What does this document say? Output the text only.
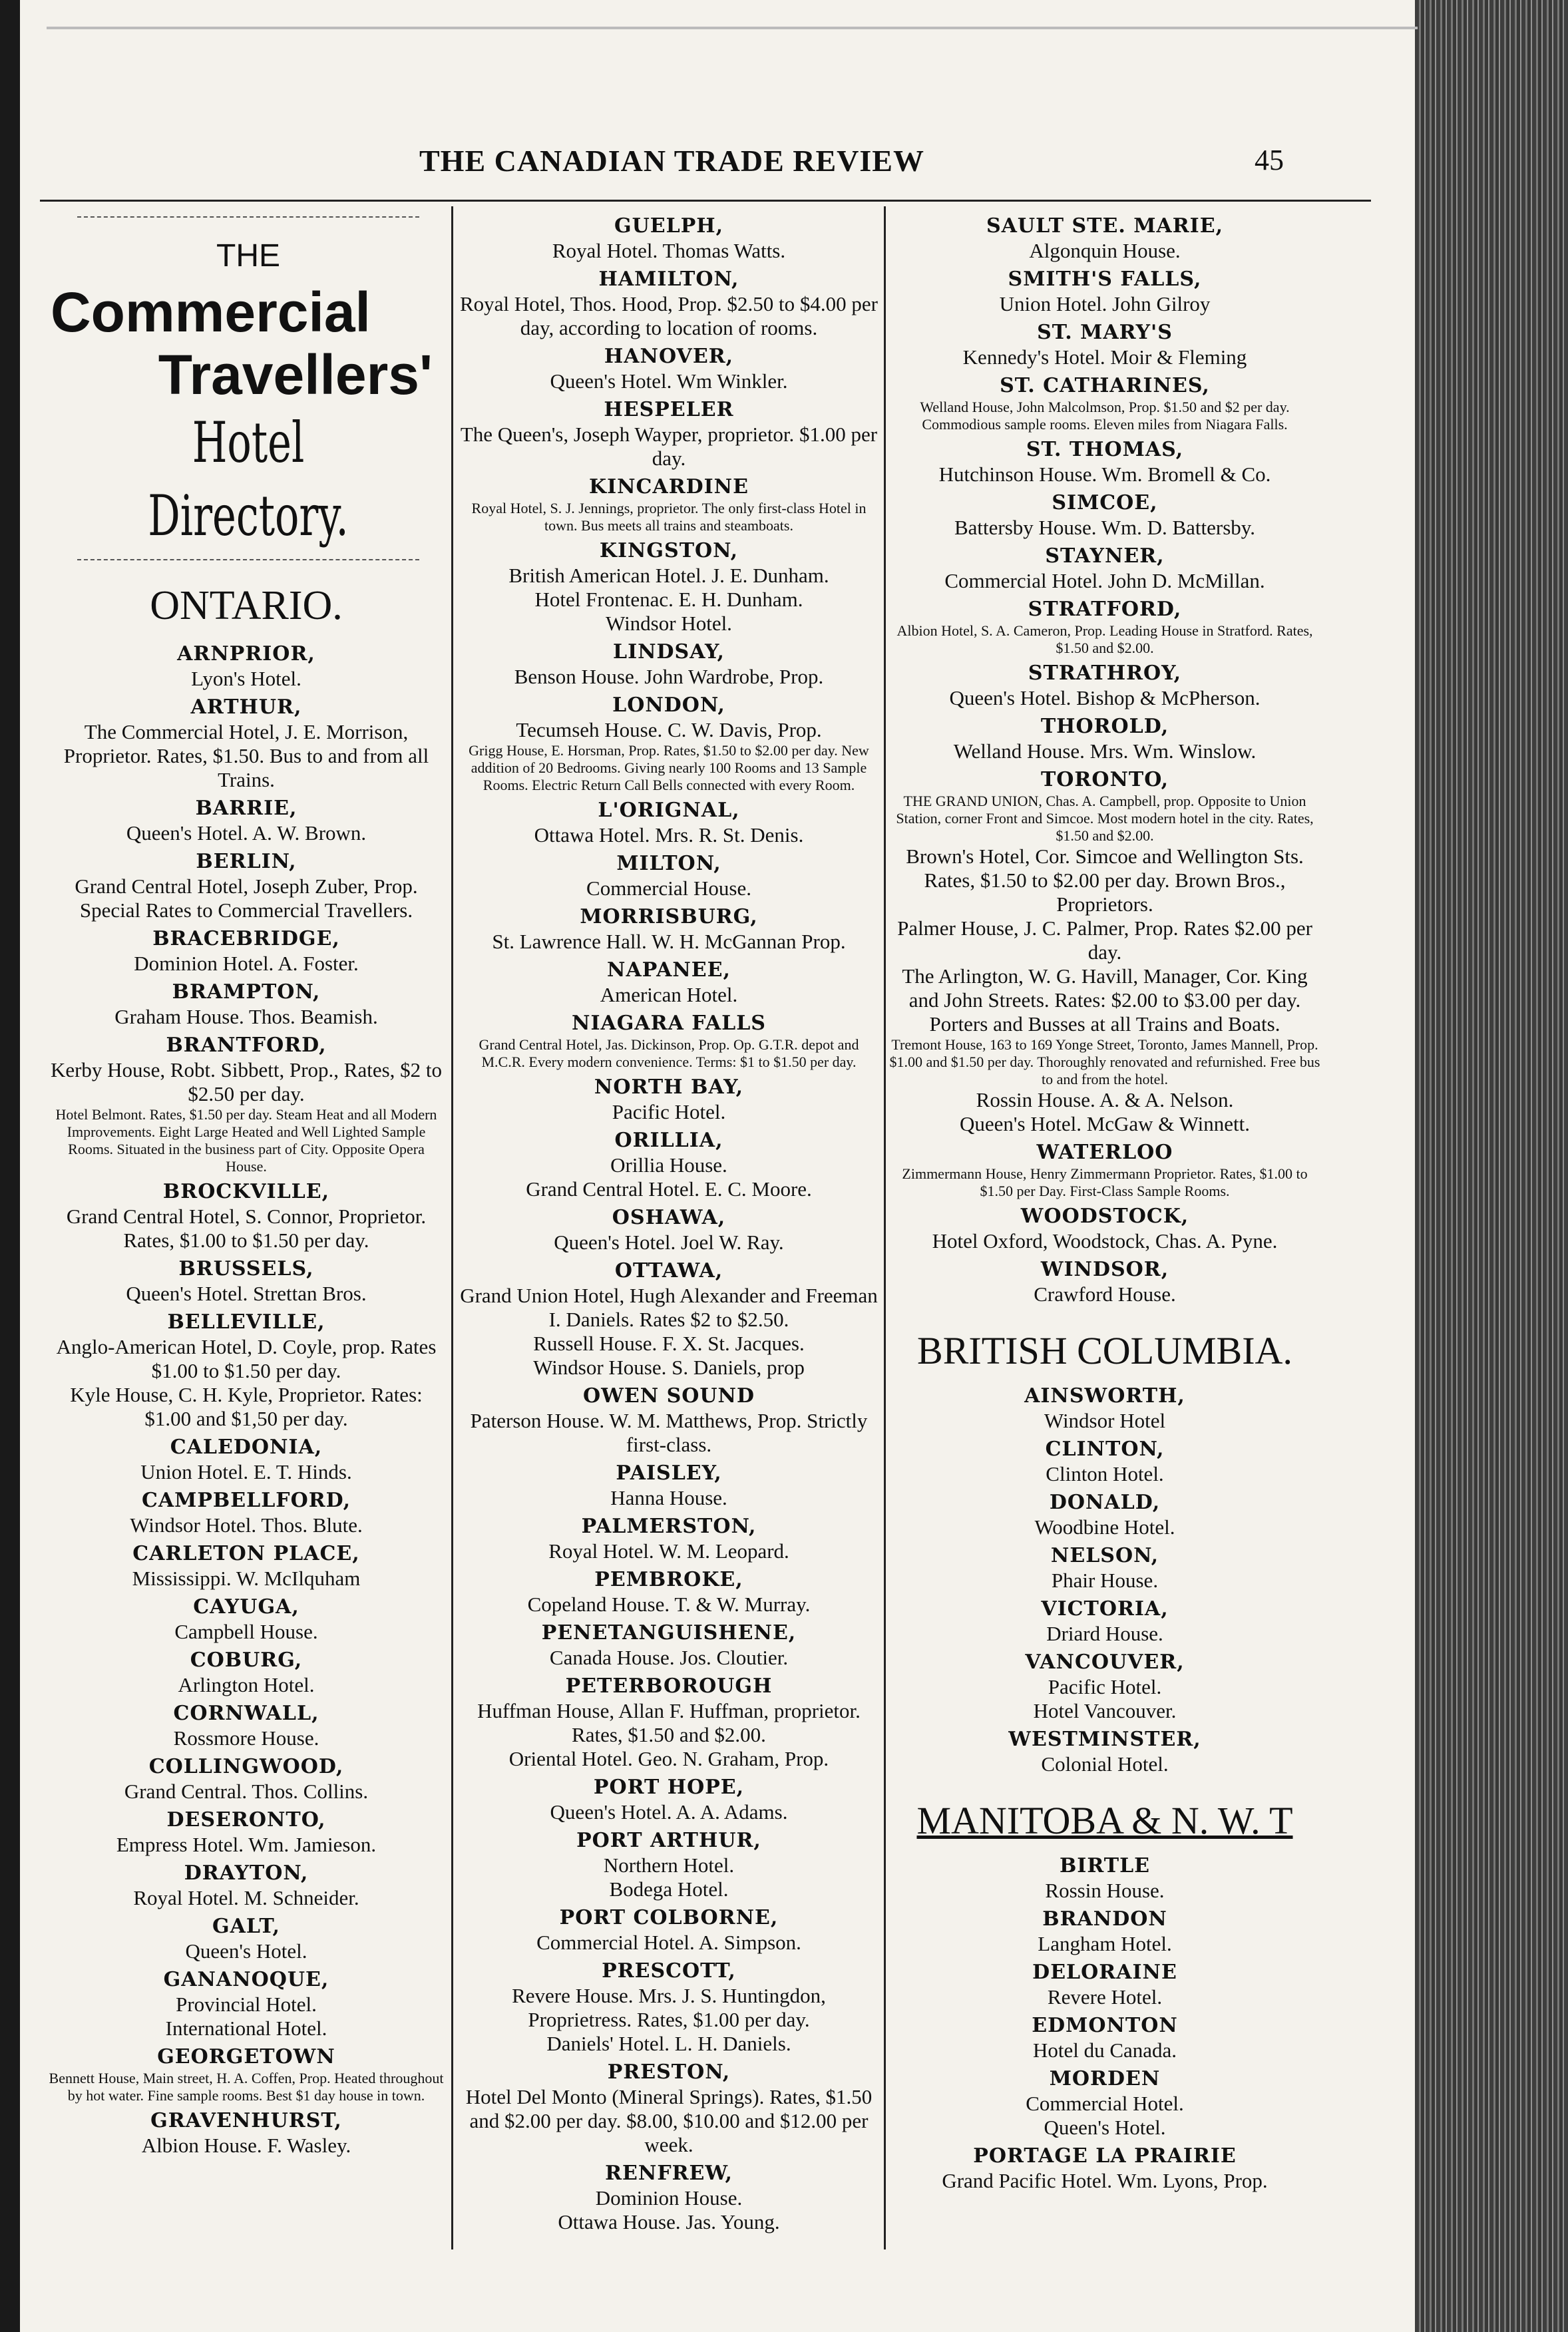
THE CANADIAN TRADE REVIEW	45
THE
Commercial
Travellers'
Hotel Directory.
ONTARIO.
ARNPRIOR,
Lyon's Hotel.
ARTHUR,
The Commercial Hotel, J. E. Morrison, Proprietor. Rates, $1.50. Bus to and from all Trains.
BARRIE,
Queen's Hotel. A. W. Brown.
BERLIN,
Grand Central Hotel, Joseph Zuber, Prop. Special Rates to Commercial Travellers.
BRACEBRIDGE,
Dominion Hotel. A. Foster.
BRAMPTON,
Graham House. Thos. Beamish.
BRANTFORD,
Kerby House, Robt. Sibbett, Prop., Rates, $2 to $2.50 per day.
Hotel Belmont. Rates, $1.50 per day. Steam Heat and all Modern Improvements. Eight Large Heated and Well Lighted Sample Rooms. Situated in the business part of City. Opposite Opera House.
BROCKVILLE,
Grand Central Hotel, S. Connor, Proprietor. Rates, $1.00 to $1.50 per day.
BRUSSELS,
Queen's Hotel. Strettan Bros.
BELLEVILLE,
Anglo-American Hotel, D. Coyle, prop. Rates $1.00 to $1.50 per day.
Kyle House, C. H. Kyle, Proprietor. Rates: $1.00 and $1,50 per day.
CALEDONIA,
Union Hotel. E. T. Hinds.
CAMPBELLFORD,
Windsor Hotel. Thos. Blute.
CARLETON PLACE,
Mississippi. W. McIlquham
CAYUGA,
Campbell House.
COBURG,
Arlington Hotel.
CORNWALL,
Rossmore House.
COLLINGWOOD,
Grand Central. Thos. Collins.
DESERONTO,
Empress Hotel. Wm. Jamieson.
DRAYTON,
Royal Hotel. M. Schneider.
GALT,
Queen's Hotel.
GANANOQUE,
Provincial Hotel.
International Hotel.
GEORGETOWN
Bennett House, Main street, H. A. Coffen, Prop. Heated throughout by hot water. Fine sample rooms. Best $1 day house in town.
GRAVENHURST,
Albion House. F. Wasley.
GUELPH,
Royal Hotel. Thomas Watts.
HAMILTON,
Royal Hotel, Thos. Hood, Prop. $2.50 to $4.00 per day, according to location of rooms.
HANOVER,
Queen's Hotel. Wm Winkler.
HESPELER
The Queen's, Joseph Wayper, proprietor. $1.00 per day.
KINCARDINE
Royal Hotel, S. J. Jennings, proprietor. The only first-class Hotel in town. Bus meets all trains and steamboats.
KINGSTON,
British American Hotel. J. E. Dunham.
Hotel Frontenac. E. H. Dunham.
Windsor Hotel.
LINDSAY,
Benson House. John Wardrobe, Prop.
LONDON,
Tecumseh House. C. W. Davis, Prop.
Grigg House, E. Horsman, Prop. Rates, $1.50 to $2.00 per day. New addition of 20 Bedrooms. Giving nearly 100 Rooms and 13 Sample Rooms. Electric Return Call Bells connected with every Room.
L'ORIGNAL,
Ottawa Hotel. Mrs. R. St. Denis.
MILTON,
Commercial House.
MORRISBURG,
St. Lawrence Hall. W. H. McGannan Prop.
NAPANEE,
American Hotel.
NIAGARA FALLS
Grand Central Hotel, Jas. Dickinson, Prop. Op. G.T.R. depot and M.C.R. Every modern convenience. Terms: $1 to $1.50 per day.
NORTH BAY,
Pacific Hotel.
ORILLIA,
Orillia House.
Grand Central Hotel. E. C. Moore.
OSHAWA,
Queen's Hotel. Joel W. Ray.
OTTAWA,
Grand Union Hotel, Hugh Alexander and Freeman I. Daniels. Rates $2 to $2.50.
Russell House. F. X. St. Jacques.
Windsor House. S. Daniels, prop
OWEN SOUND
Paterson House. W. M. Matthews, Prop. Strictly first-class.
PAISLEY,
Hanna House.
PALMERSTON,
Royal Hotel. W. M. Leopard.
PEMBROKE,
Copeland House. T. & W. Murray.
PENETANGUISHENE,
Canada House. Jos. Cloutier.
PETERBOROUGH
Huffman House, Allan F. Huffman, proprietor. Rates, $1.50 and $2.00.
Oriental Hotel. Geo. N. Graham, Prop.
PORT HOPE,
Queen's Hotel. A. A. Adams.
PORT ARTHUR,
Northern Hotel.
Bodega Hotel.
PORT COLBORNE,
Commercial Hotel. A. Simpson.
PRESCOTT,
Revere House. Mrs. J. S. Huntingdon, Proprietress. Rates, $1.00 per day.
Daniels' Hotel. L. H. Daniels.
PRESTON,
Hotel Del Monto (Mineral Springs). Rates, $1.50 and $2.00 per day. $8.00, $10.00 and $12.00 per week.
RENFREW,
Dominion House.
Ottawa House. Jas. Young.
SAULT STE. MARIE,
Algonquin House.
SMITH'S FALLS,
Union Hotel. John Gilroy
ST. MARY'S
Kennedy's Hotel. Moir & Fleming
ST. CATHARINES,
Welland House, John Malcolmson, Prop. $1.50 and $2 per day. Commodious sample rooms. Eleven miles from Niagara Falls.
ST. THOMAS,
Hutchinson House. Wm. Bromell & Co.
SIMCOE,
Battersby House. Wm. D. Battersby.
STAYNER,
Commercial Hotel. John D. McMillan.
STRATFORD,
Albion Hotel, S. A. Cameron, Prop. Leading House in Stratford. Rates, $1.50 and $2.00.
STRATHROY,
Queen's Hotel. Bishop & McPherson.
THOROLD,
Welland House. Mrs. Wm. Winslow.
TORONTO,
THE GRAND UNION, Chas. A. Campbell, prop. Opposite to Union Station, corner Front and Simcoe. Most modern hotel in the city. Rates, $1.50 and $2.00.
Brown's Hotel, Cor. Simcoe and Wellington Sts. Rates, $1.50 to $2.00 per day. Brown Bros., Proprietors.
Palmer House, J. C. Palmer, Prop. Rates $2.00 per day.
The Arlington, W. G. Havill, Manager, Cor. King and John Streets. Rates: $2.00 to $3.00 per day. Porters and Busses at all Trains and Boats.
Tremont House, 163 to 169 Yonge Street, Toronto, James Mannell, Prop. $1.00 and $1.50 per day. Thoroughly renovated and refurnished. Free bus to and from the hotel.
Rossin House. A. & A. Nelson.
Queen's Hotel. McGaw & Winnett.
WATERLOO
Zimmermann House, Henry Zimmermann Proprietor. Rates, $1.00 to $1.50 per Day. First-Class Sample Rooms.
WOODSTOCK,
Hotel Oxford, Woodstock, Chas. A. Pyne.
WINDSOR,
Crawford House.
BRITISH COLUMBIA.
AINSWORTH,
Windsor Hotel
CLINTON,
Clinton Hotel.
DONALD,
Woodbine Hotel.
NELSON,
Phair House.
VICTORIA,
Driard House.
VANCOUVER,
Pacific Hotel.
Hotel Vancouver.
WESTMINSTER,
Colonial Hotel.
MANITOBA & N. W. T
BIRTLE
Rossin House.
BRANDON
Langham Hotel.
DELORAINE
Revere Hotel.
EDMONTON
Hotel du Canada.
MORDEN
Commercial Hotel.
Queen's Hotel.
PORTAGE LA PRAIRIE
Grand Pacific Hotel. Wm. Lyons, Prop.
